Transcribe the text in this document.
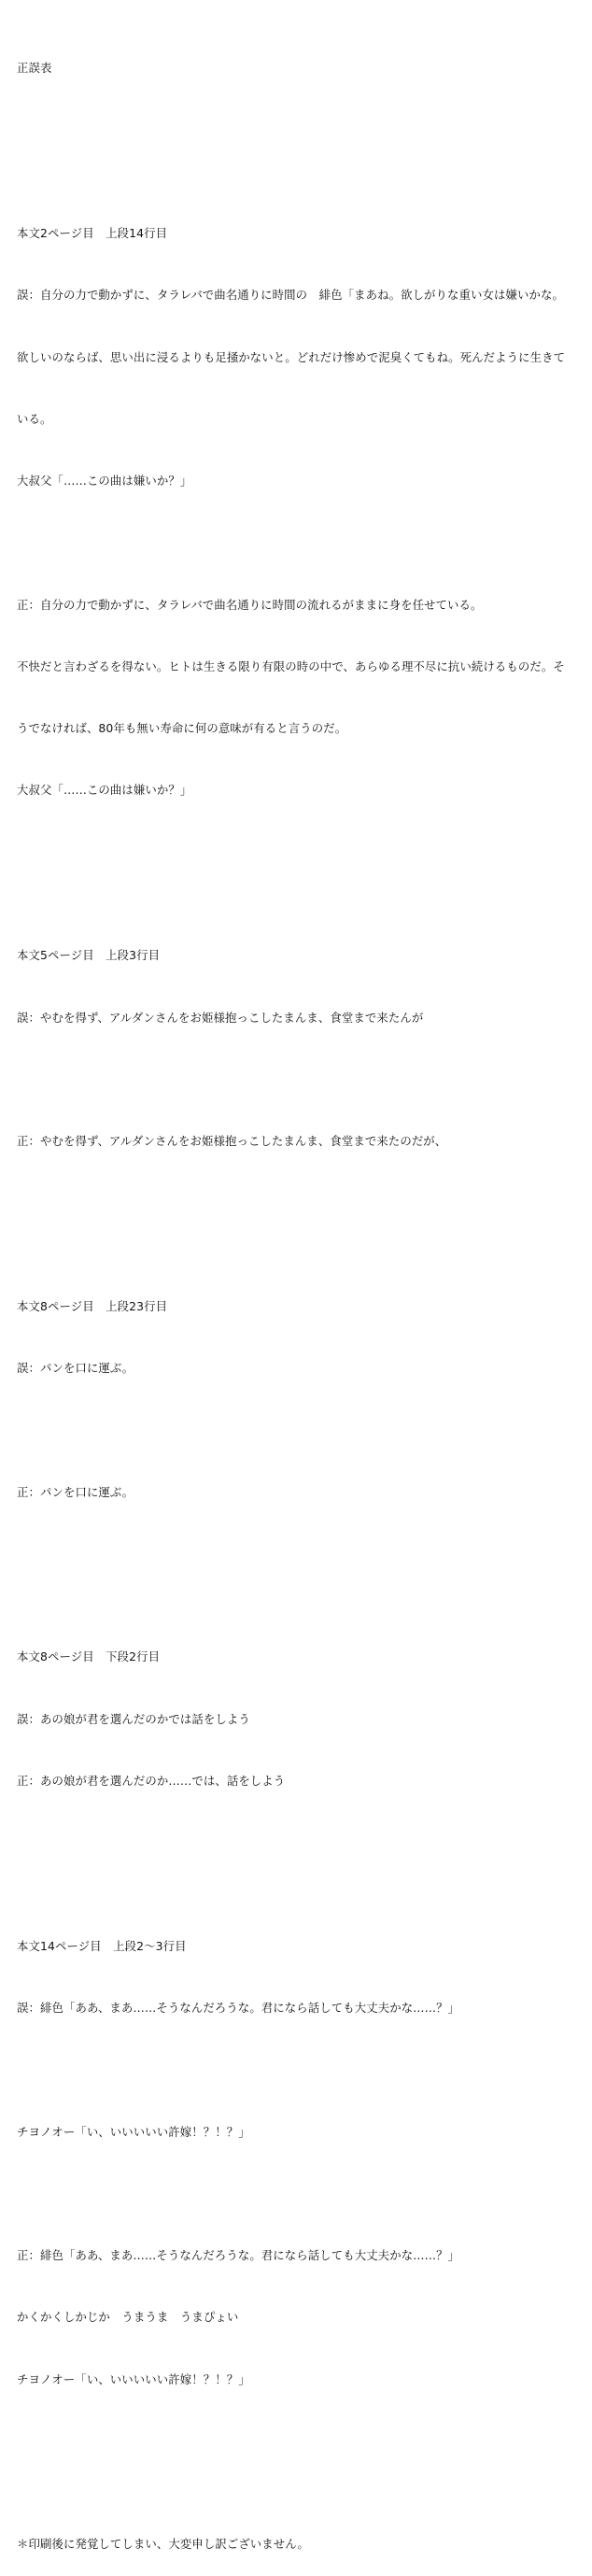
正誤表

本文2ページ目　上段14行目

誤：自分の力で動かずに、タラレバで曲名通りに時間の　緋色「まあね。欲しがりな重い女は嫌いかな。

欲しいのならば、思い出に浸るよりも足掻かないと。どれだけ惨めで泥臭くてもね。死んだように生きて

いる。

大叔父「……この曲は嫌いか？」

正：自分の力で動かずに、タラレバで曲名通りに時間の流れるがままに身を任せている。

不快だと言わざるを得ない。ヒトは生きる限り有限の時の中で、あらゆる理不尽に抗い続けるものだ。そ

うでなければ、80年も無い寿命に何の意味が有ると言うのだ。

大叔父「……この曲は嫌いか？」

本文5ページ目　上段3行目

誤：やむを得ず、アルダンさんをお姫様抱っこしたまんま、食堂まで来たんが

正：やむを得ず、アルダンさんをお姫様抱っこしたまんま、食堂まで来たのだが、

本文8ページ目　上段23行目

誤：パンを口に運ぶ。

正：パンを口に運ぶ。

本文8ページ目　下段2行目

誤：あの娘が君を選んだのかでは話をしよう

正：あの娘が君を選んだのか……では、話をしよう

本文14ページ目　上段2〜3行目

誤：緋色「ああ、まあ……そうなんだろうな。君になら話しても大丈夫かな……？」

チヨノオー「い、いいいいい許嫁！？！？」

正：緋色「ああ、まあ……そうなんだろうな。君になら話しても大丈夫かな……？」

かくかくしかじか　うまうま　うまぴょい

チヨノオー「い、いいいいい許嫁！？！？」

＊印刷後に発覚してしまい、大変申し訳ございません。
